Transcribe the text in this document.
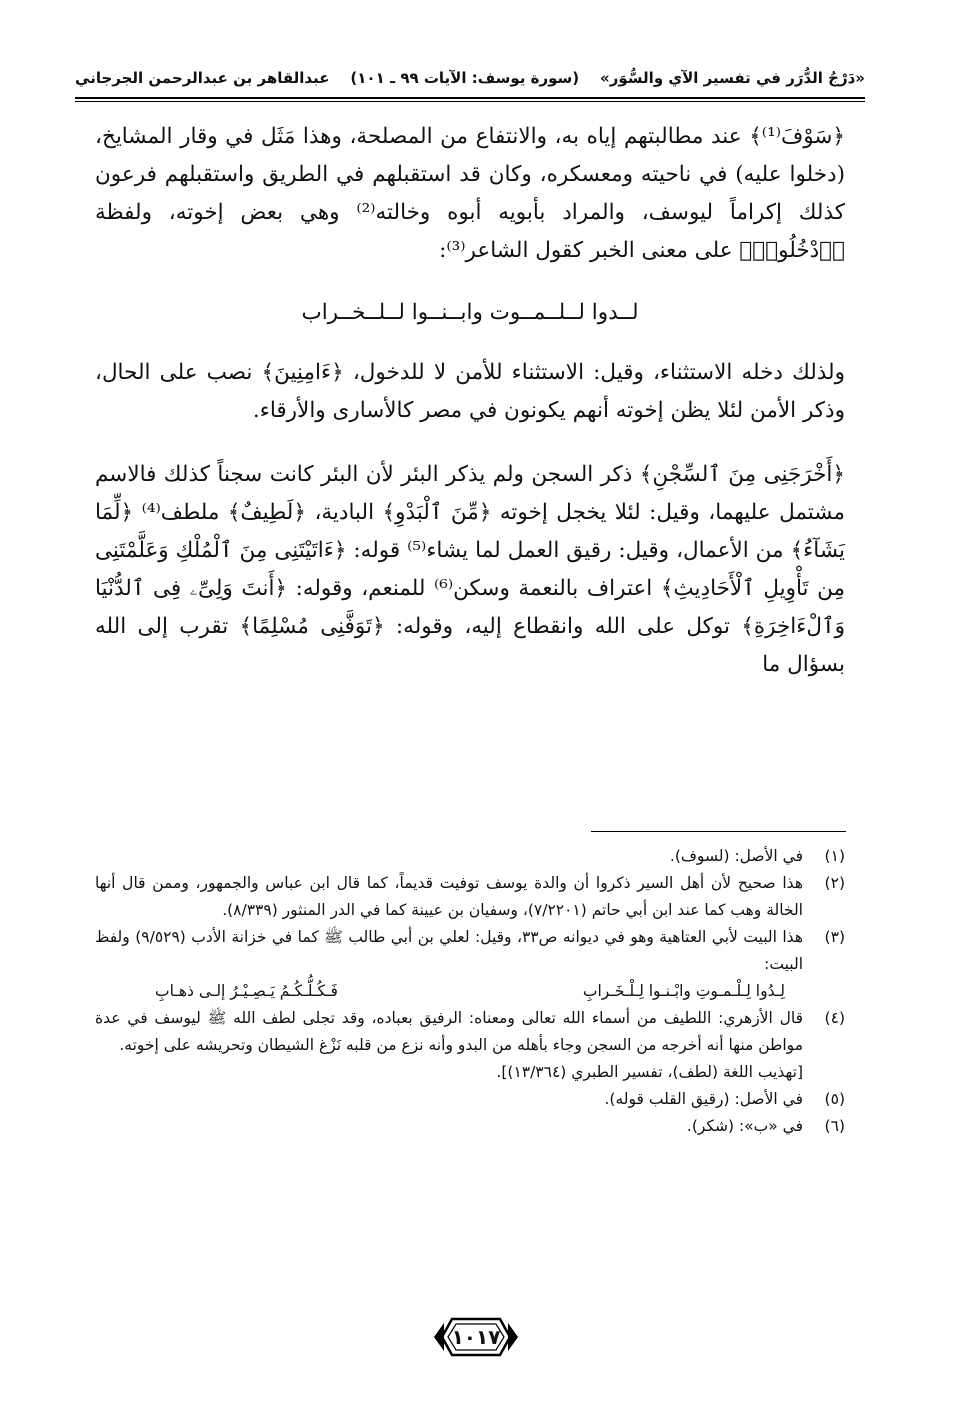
«دَرْجُ الدُّرَر في تفسير الآي والسُّوَر»
(سورة يوسف: الآيات ٩٩ ـ ١٠١)
عبدالقاهر بن عبدالرحمن الجرجاني

﴿سَوْفَ⁽¹⁾﴾ عند مطالبتهم إياه به، والانتفاع من المصلحة، وهذا مَثَل في وقار المشايخ، (دخلوا عليه) في ناحيته ومعسكره، وكان قد استقبلهم في الطريق واستقبلهم فرعون كذلك إكراماً ليوسف، والمراد بأبويه أبوه وخالته⁽²⁾ وهي بعض إخوته، ولفظة ﴿ٱدْخُلُوا۟﴾ على معنى الخبر كقول الشاعر⁽³⁾:

لــدوا لــلــمــوت وابــنــوا لــلــخــراب

ولذلك دخله الاستثناء، وقيل: الاستثناء للأمن لا للدخول، ﴿ءَامِنِينَ﴾ نصب على الحال، وذكر الأمن لئلا يظن إخوته أنهم يكونون في مصر كالأسارى والأرقاء.

﴿أَخْرَجَنِى مِنَ ٱلسِّجْنِ﴾ ذكر السجن ولم يذكر البئر لأن البئر كانت سجناً كذلك فالاسم مشتمل عليهما، وقيل: لئلا يخجل إخوته ﴿مِّنَ ٱلْبَدْوِ﴾ البادية، ﴿لَطِيفٌ﴾ ملطف⁽⁴⁾ ﴿لِّمَا يَشَآءُ﴾ من الأعمال، وقيل: رقيق العمل لما يشاء⁽⁵⁾ قوله: ﴿ءَاتَيْتَنِى مِنَ ٱلْمُلْكِ وَعَلَّمْتَنِى مِن تَأْوِيلِ ٱلْأَحَادِيثِ﴾ اعتراف بالنعمة وسكن⁽⁶⁾ للمنعم، وقوله: ﴿أَنتَ وَلِىِّۦ فِى ٱلدُّنْيَا وَٱلْءَاخِرَةِ﴾ توكل على الله وانقطاع إليه، وقوله: ﴿تَوَفَّنِى مُسْلِمًا﴾ تقرب إلى الله بسؤال ما

(١)

في الأصل: (لسوف).

(٢)

هذا صحيح لأن أهل السير ذكروا أن والدة يوسف توفيت قديماً، كما قال ابن عباس والجمهور، وممن قال أنها الخالة وهب كما عند ابن أبي حاتم (٧/٢٢٠١)، وسفيان بن عيينة كما في الدر المنثور (٨/٣٣٩).

(٣)

هذا البيت لأبي العتاهية وهو في ديوانه ص٣٣، وقيل: لعلي بن أبي طالب ﷺ كما في خزانة الأدب (٩/٥٢٩) ولفظ البيت:

لِـدُوا لِـلْـمـوتِ وابْـنـوا لِـلْـخَـرابِ
فَـكُـلُّـكُـمُ يَـصِـيْـرُ إلـى ذهـابِ
(٤)

قال الأزهري: اللطيف من أسماء الله تعالى ومعناه: الرفيق بعباده، وقد تجلى لطف الله ﷺ ليوسف في عدة مواطن منها أنه أخرجه من السجن وجاء بأهله من البدو وأنه نزع من قلبه نَزْغ الشيطان وتحريشه على إخوته.

[تهذيب اللغة (لطف)، تفسير الطبري (١٣/٣٦٤)].

(٥)

في الأصل: (رقيق القلب قوله).

(٦)

في «ب»: (شكر).

١٠١٧
